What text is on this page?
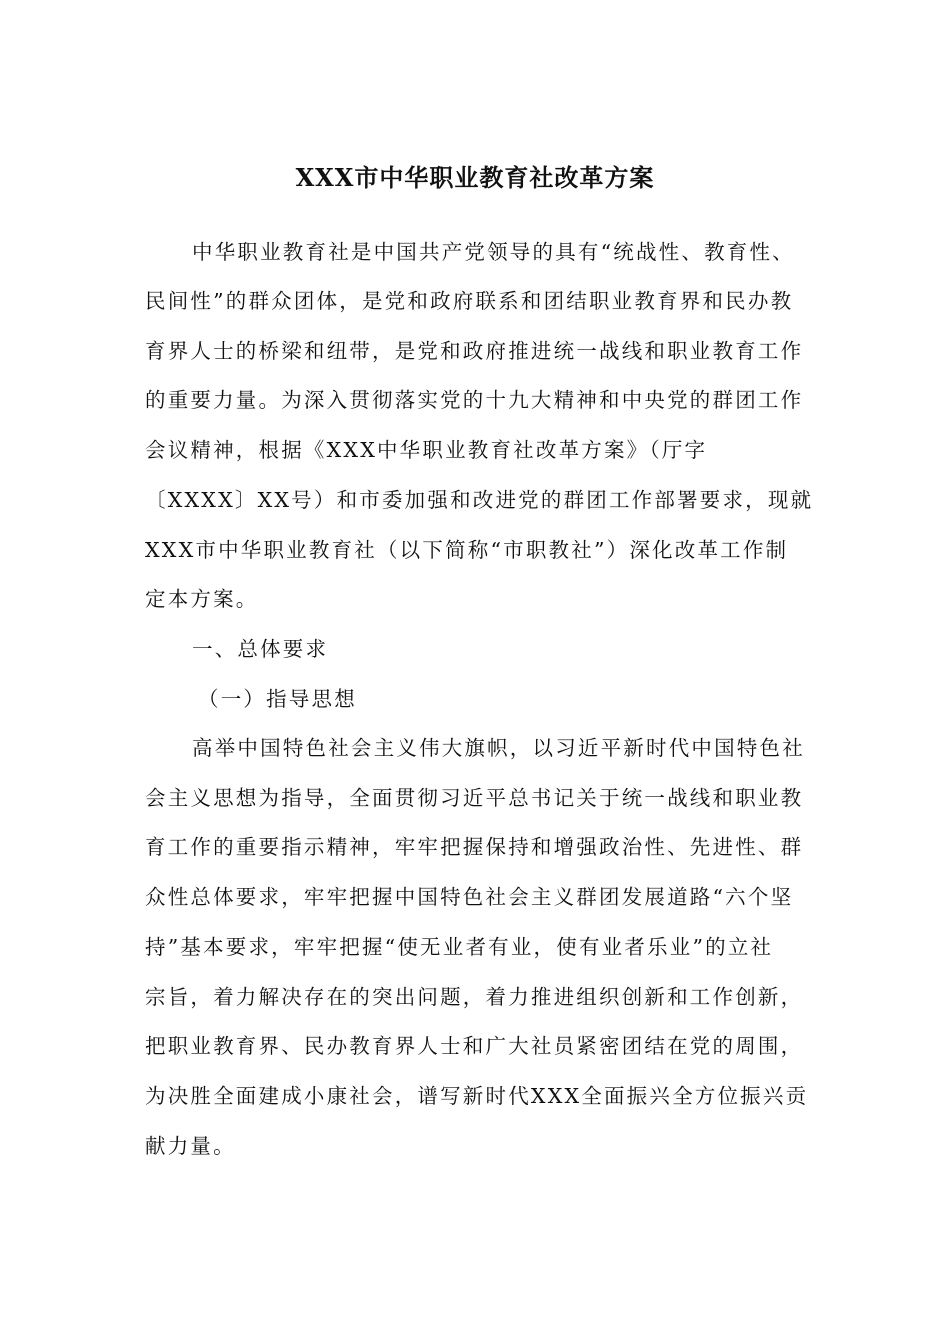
XXX市中华职业教育社改革方案
中华职业教育社是中国共产党领导的具有“统战性、教育性、
民间性”的群众团体，是党和政府联系和团结职业教育界和民办教
育界人士的桥梁和纽带，是党和政府推进统一战线和职业教育工作
的重要力量。为深入贯彻落实党的十九大精神和中央党的群团工作
会议精神，根据《XXX中华职业教育社改革方案》（厅字
〔XXXX〕XX号）和市委加强和改进党的群团工作部署要求，现就
XXX市中华职业教育社（以下简称“市职教社”）深化改革工作制
定本方案。
一、总体要求
（一）指导思想
高举中国特色社会主义伟大旗帜，以习近平新时代中国特色社
会主义思想为指导，全面贯彻习近平总书记关于统一战线和职业教
育工作的重要指示精神，牢牢把握保持和增强政治性、先进性、群
众性总体要求，牢牢把握中国特色社会主义群团发展道路“六个坚
持”基本要求，牢牢把握“使无业者有业，使有业者乐业”的立社
宗旨，着力解决存在的突出问题，着力推进组织创新和工作创新，
把职业教育界、民办教育界人士和广大社员紧密团结在党的周围，
为决胜全面建成小康社会，谱写新时代XXX全面振兴全方位振兴贡
献力量。
